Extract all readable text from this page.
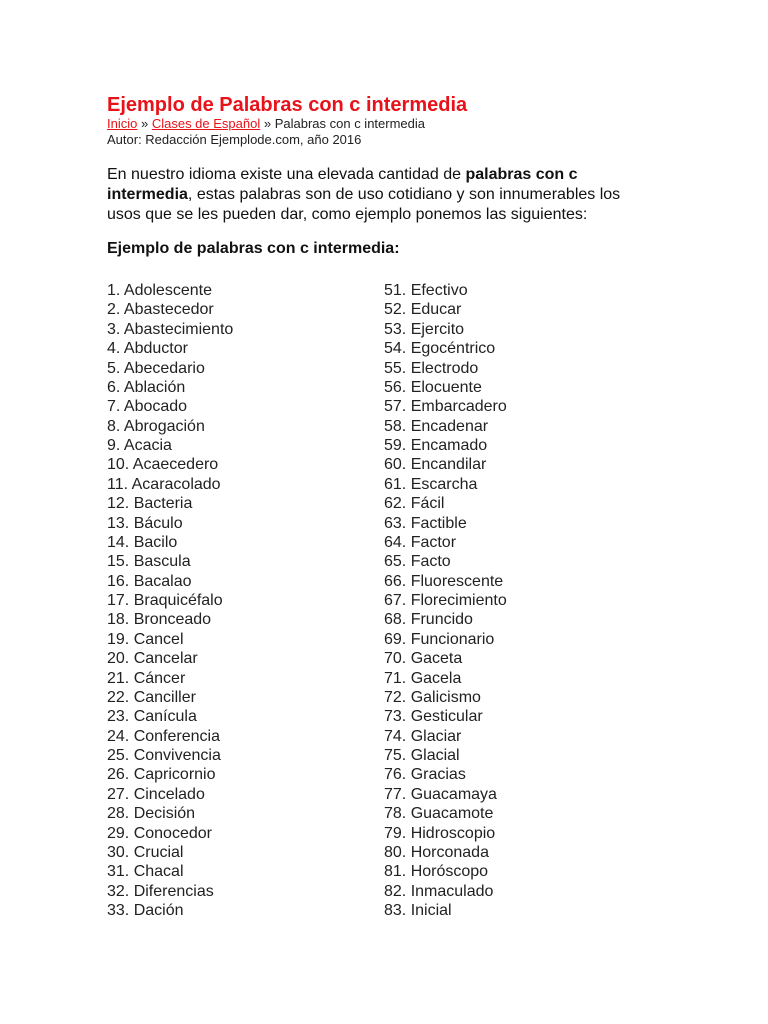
Ejemplo de Palabras con c intermedia
Inicio » Clases de Español » Palabras con c intermedia
Autor: Redacción Ejemplode.com, año 2016
En nuestro idioma existe una elevada cantidad de palabras con c intermedia, estas palabras son de uso cotidiano y son innumerables los usos que se les pueden dar, como ejemplo ponemos las siguientes:
Ejemplo de palabras con c intermedia:
1. Adolescente
2. Abastecedor
3. Abastecimiento
4. Abductor
5. Abecedario
6. Ablación
7. Abocado
8. Abrogación
9. Acacia
10. Acaecedero
11. Acaracolado
12. Bacteria
13. Báculo
14. Bacilo
15. Bascula
16. Bacalao
17. Braquicéfalo
18. Bronceado
19. Cancel
20. Cancelar
21. Cáncer
22. Canciller
23. Canícula
24. Conferencia
25. Convivencia
26. Capricornio
27. Cincelado
28. Decisión
29. Conocedor
30. Crucial
31. Chacal
32. Diferencias
33. Dación
51. Efectivo
52. Educar
53. Ejercito
54. Egocéntrico
55. Electrodo
56. Elocuente
57. Embarcadero
58. Encadenar
59. Encamado
60. Encandilar
61. Escarcha
62. Fácil
63. Factible
64. Factor
65. Facto
66. Fluorescente
67. Florecimiento
68. Fruncido
69. Funcionario
70. Gaceta
71. Gacela
72. Galicismo
73. Gesticular
74. Glaciar
75. Glacial
76. Gracias
77. Guacamaya
78. Guacamote
79. Hidroscopio
80. Horconada
81. Horóscopo
82. Inmaculado
83. Inicial
